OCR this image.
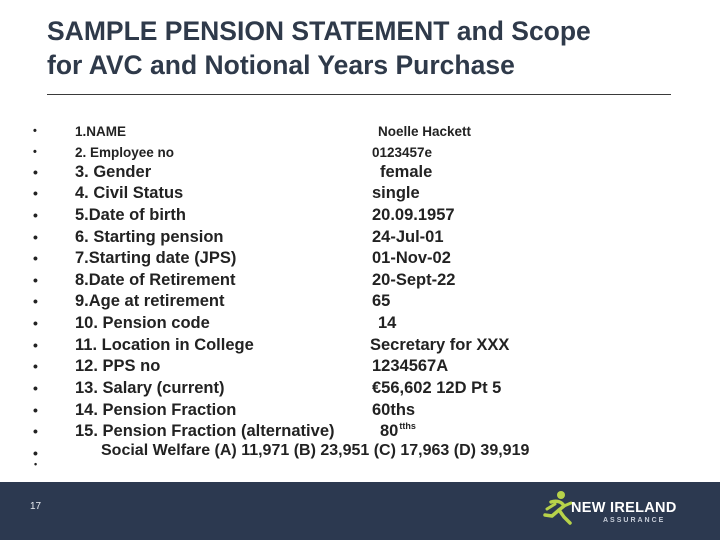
SAMPLE PENSION STATEMENT and Scope
for AVC and Notional Years Purchase
•	1.NAME	Noelle Hackett
•	2. Employee no	0123457e
• 3. Gender	female
• 4. Civil Status	single
• 5.Date of birth	20.09.1957
• 6. Starting pension	24-Jul-01
• 7.Starting date (JPS)	01-Nov-02
• 8.Date of Retirement	20-Sept-22
• 9.Age at retirement	65
• 10. Pension code	14
• 11. Location in College	Secretary for XXX
• 12. PPS no	1234567A
• 13. Salary (current)	€56,602 12D Pt 5
• 14. Pension Fraction	60ths
• 15. Pension Fraction (alternative)	$80^{tths}$
•	Social Welfare (A) 11,971 (B) 23,951 (C) 17,963 (D) 39,919
•
17	NEW IRELAND
ASSURANCE
